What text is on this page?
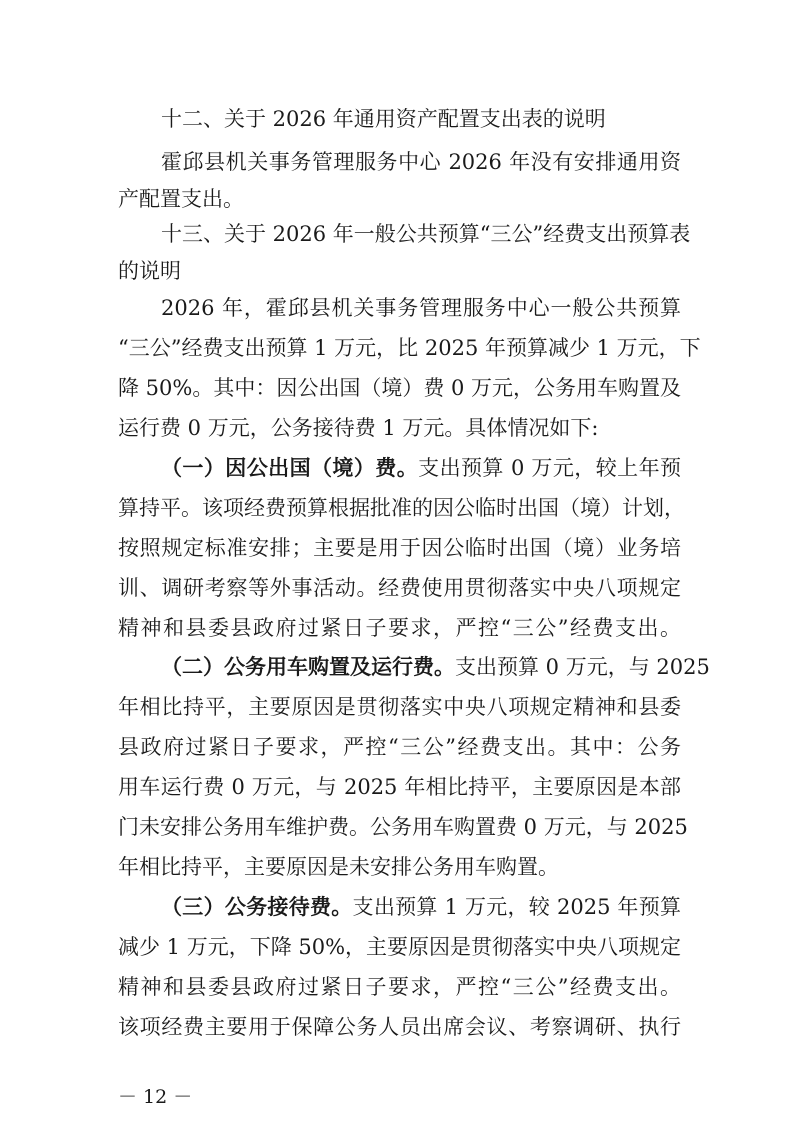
十二、关于 2026 年通用资产配置支出表的说明
霍邱县机关事务管理服务中心 2026 年没有安排通用资
产配置支出。
十三、关于 2026 年一般公共预算“三公”经费支出预算表
的说明
2026 年，霍邱县机关事务管理服务中心一般公共预算
“三公”经费支出预算 1 万元，比 2025 年预算减少 1 万元，下
降 50%。其中：因公出国（境）费 0 万元，公务用车购置及
运行费 0 万元，公务接待费 1 万元。具体情况如下:
（一）因公出国（境）费。支出预算 0 万元，较上年预
算持平。该项经费预算根据批准的因公临时出国（境）计划，
按照规定标准安排；主要是用于因公临时出国（境）业务培
训、调研考察等外事活动。经费使用贯彻落实中央八项规定
精神和县委县政府过紧日子要求，严控“三公”经费支出。
（二）公务用车购置及运行费。支出预算 0 万元，与 2025
年相比持平，主要原因是贯彻落实中央八项规定精神和县委
县政府过紧日子要求，严控“三公”经费支出。其中：公务
用车运行费 0 万元，与 2025 年相比持平，主要原因是本部
门未安排公务用车维护费。公务用车购置费 0 万元，与 2025
年相比持平，主要原因是未安排公务用车购置。
（三）公务接待费。支出预算 1 万元，较 2025 年预算
减少 1 万元，下降 50%，主要原因是贯彻落实中央八项规定
精神和县委县政府过紧日子要求，严控“三公”经费支出。
该项经费主要用于保障公务人员出席会议、考察调研、执行
－ 12 －
